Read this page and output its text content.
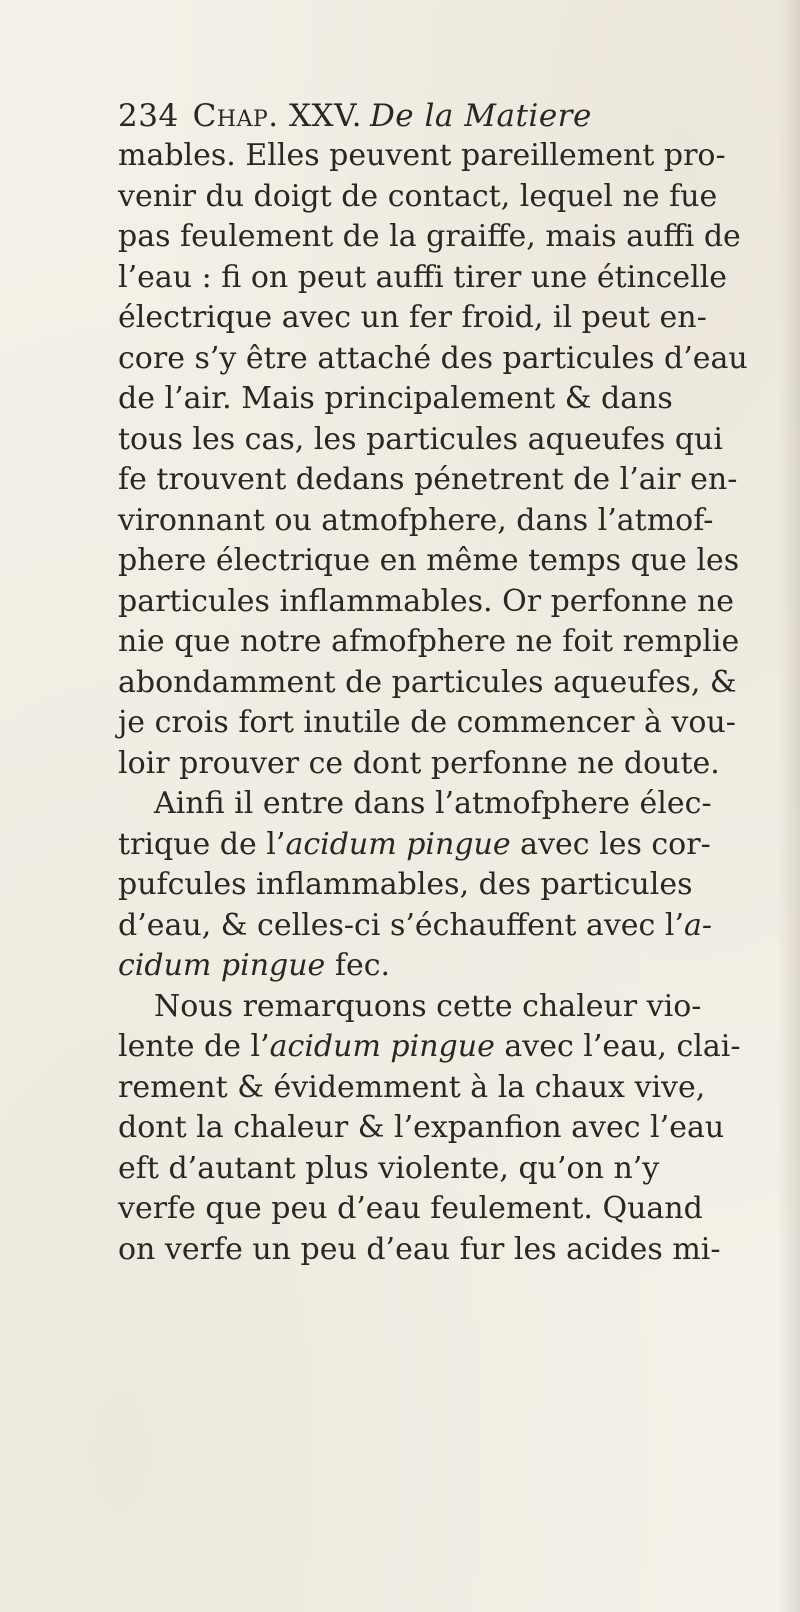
234 Chap. XXV. De la Matiere
mables. Elles peuvent pareillement pro-
venir du doigt de contact, lequel ne fue
pas feulement de la graiffe, mais auffi de
l’eau : fi on peut auffi tirer une étincelle
électrique avec un fer froid, il peut en-
core s’y être attaché des particules d’eau
de l’air. Mais principalement & dans
tous les cas, les particules aqueufes qui
fe trouvent dedans pénetrent de l’air en-
vironnant ou atmofphere, dans l’atmof-
phere électrique en même temps que les
particules inflammables. Or perfonne ne
nie que notre afmofphere ne foit remplie
abondamment de particules aqueufes, &
je crois fort inutile de commencer à vou-
loir prouver ce dont perfonne ne doute.
Ainfi il entre dans l’atmofphere élec-
trique de l’acidum pingue avec les cor-
pufcules inflammables, des particules
d’eau, & celles-ci s’échauffent avec l’a-
cidum pingue fec.
Nous remarquons cette chaleur vio-
lente de l’acidum pingue avec l’eau, clai-
rement & évidemment à la chaux vive,
dont la chaleur & l’expanfion avec l’eau
eft d’autant plus violente, qu’on n’y
verfe que peu d’eau feulement. Quand
on verfe un peu d’eau fur les acides mi-
